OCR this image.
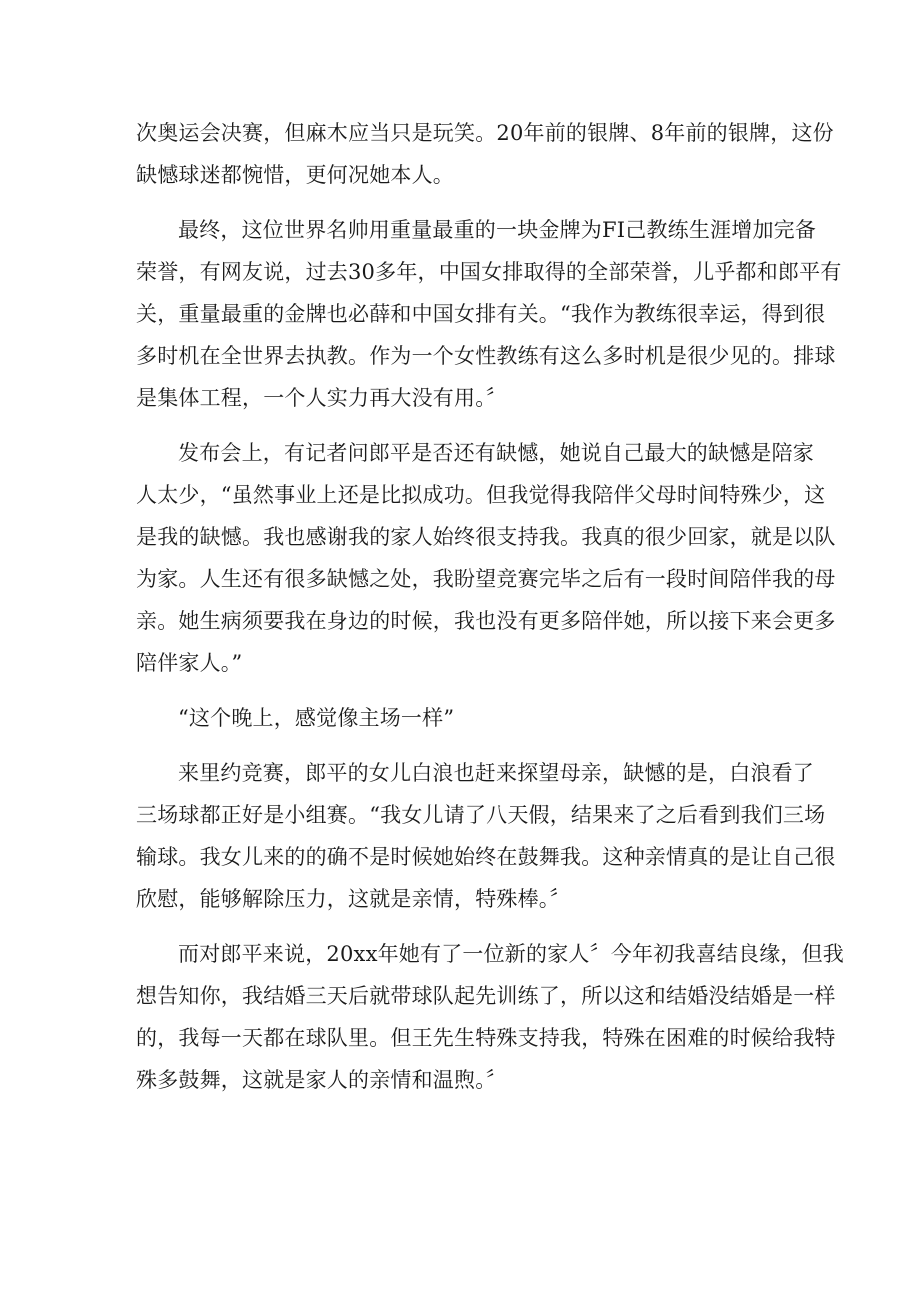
次奥运会决赛，但麻木应当只是玩笑。20年前的银牌、8年前的银牌，这份
缺憾球迷都惋惜，更何况她本人。
最终，这位世界名帅用重量最重的一块金牌为FI己教练生涯增加完备
荣誉，有网友说，过去30多年，中国女排取得的全部荣誉，儿乎都和郎平有
关，重量最重的金牌也必薛和中国女排有关。“我作为教练很幸运，得到很
多时机在全世界去执教。作为一个女性教练有这么多时机是很少见的。排球
是集体工程，一个人实力再大没有用。〞
发布会上，有记者问郎平是否还有缺憾，她说自己最大的缺憾是陪家
人太少，“虽然事业上还是比拟成功。但我觉得我陪伴父母时间特殊少，这
是我的缺憾。我也感谢我的家人始终很支持我。我真的很少回家，就是以队
为家。人生还有很多缺憾之处，我盼望竞赛完毕之后有一段时间陪伴我的母
亲。她生病须要我在身边的时候，我也没有更多陪伴她，所以接下来会更多
陪伴家人。”
“这个晚上，感觉像主场一样”
来里约竞赛，郎平的女儿白浪也赶来探望母亲，缺憾的是，白浪看了
三场球都正好是小组赛。“我女儿请了八天假，结果来了之后看到我们三场
输球。我女儿来的的确不是时候她始终在鼓舞我。这种亲情真的是让自己很
欣慰，能够解除压力，这就是亲情，特殊棒。〞
而对郎平来说，20xx年她有了一位新的家人〞今年初我喜结良缘，但我
想告知你，我结婚三天后就带球队起先训练了，所以这和结婚没结婚是一样
的，我每一天都在球队里。但王先生特殊支持我，特殊在困难的时候给我特
殊多鼓舞，这就是家人的亲情和温煦。〞
